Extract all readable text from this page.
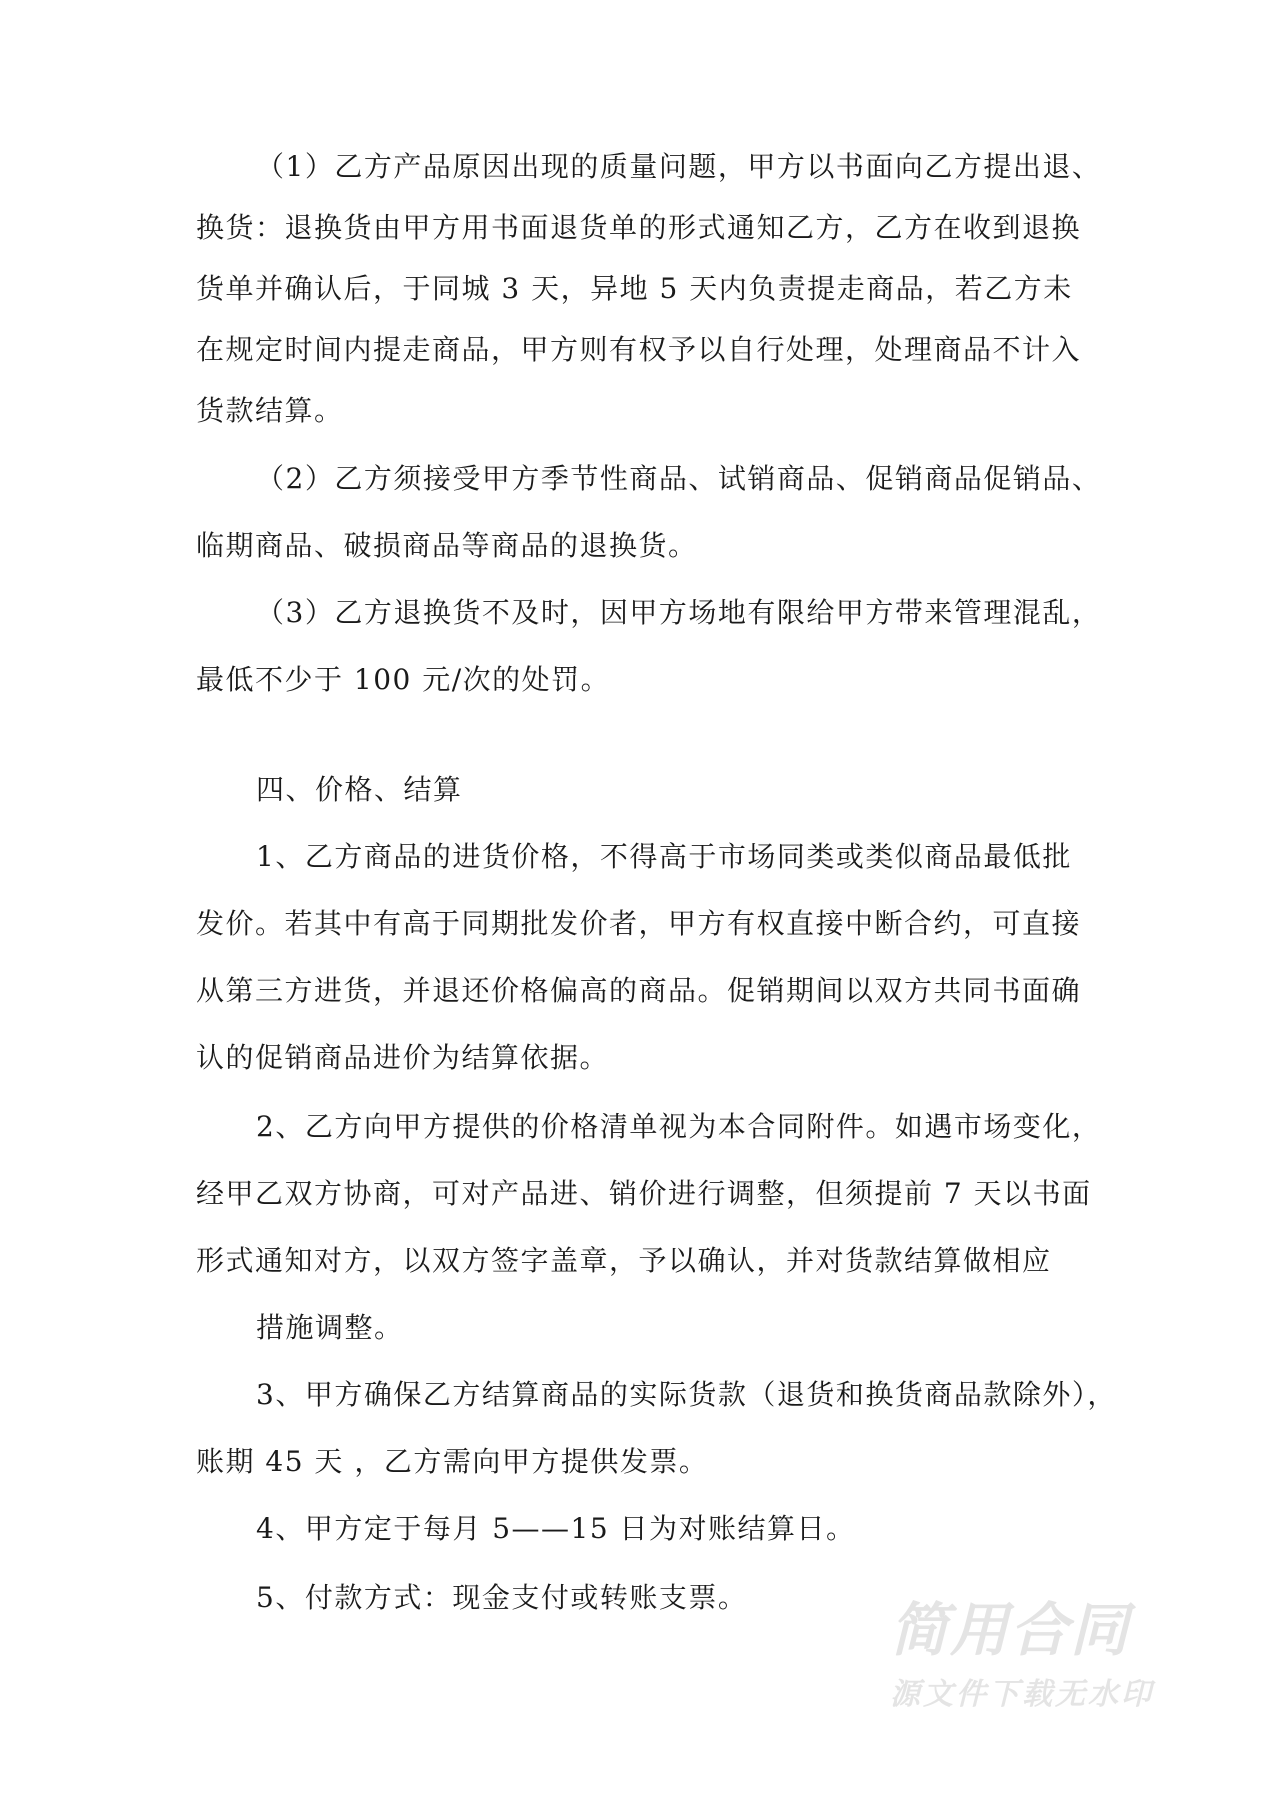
（1）乙方产品原因出现的质量问题，甲方以书面向乙方提出退、
换货：退换货由甲方用书面退货单的形式通知乙方，乙方在收到退换
货单并确认后，于同城 3 天，异地 5 天内负责提走商品，若乙方未
在规定时间内提走商品，甲方则有权予以自行处理，处理商品不计入
货款结算。
（2）乙方须接受甲方季节性商品、试销商品、促销商品促销品、
临期商品、破损商品等商品的退换货。
（3）乙方退换货不及时，因甲方场地有限给甲方带来管理混乱，
最低不少于 100 元/次的处罚。
四、价格、结算
1、乙方商品的进货价格，不得高于市场同类或类似商品最低批
发价。若其中有高于同期批发价者，甲方有权直接中断合约，可直接
从第三方进货，并退还价格偏高的商品。促销期间以双方共同书面确
认的促销商品进价为结算依据。
2、乙方向甲方提供的价格清单视为本合同附件。如遇市场变化，
经甲乙双方协商，可对产品进、销价进行调整，但须提前 7 天以书面
形式通知对方，以双方签字盖章，予以确认，并对货款结算做相应
措施调整。
3、甲方确保乙方结算商品的实际货款（退货和换货商品款除外），
账期 45 天 ，乙方需向甲方提供发票。
4、甲方定于每月 5——15 日为对账结算日。
5、付款方式：现金支付或转账支票。	简用合同
源文件下载无水印
